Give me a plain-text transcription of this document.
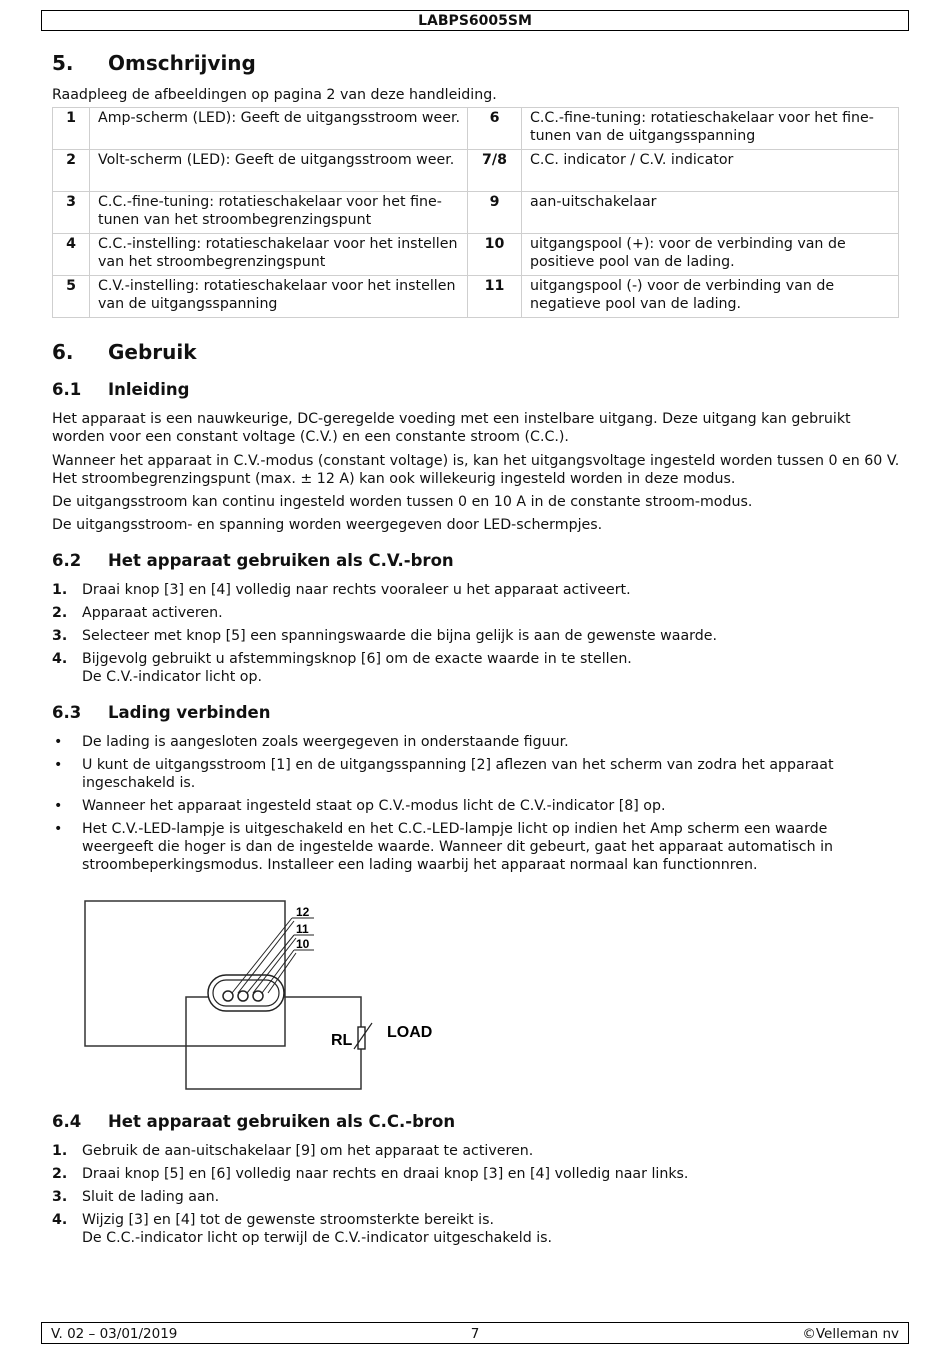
LABPS6005SM
5. Omschrijving
Raadpleeg de afbeeldingen op pagina 2 van deze handleiding.
1	Amp-scherm (LED): Geeft de uitgangsstroom weer.	6	C.C.-fine-tuning: rotatieschakelaar voor het fine-tunen van de uitgangsspanning
2	Volt-scherm (LED): Geeft de uitgangsstroom weer.	7/8	C.C. indicator / C.V. indicator
3	C.C.-fine-tuning: rotatieschakelaar voor het fine-tunen van het stroombegrenzingspunt	9	aan-uitschakelaar
4	C.C.-instelling: rotatieschakelaar voor het instellen van het stroombegrenzingspunt	10	uitgangspool (+): voor de verbinding van de positieve pool van de lading.
5	C.V.-instelling: rotatieschakelaar voor het instellen van de uitgangsspanning	11	uitgangspool (-) voor de verbinding van de negatieve pool van de lading.
6. Gebruik
6.1 Inleiding
Het apparaat is een nauwkeurige, DC-geregelde voeding met een instelbare uitgang. Deze uitgang kan gebruikt worden voor een constant voltage (C.V.) en een constante stroom (C.C.).
Wanneer het apparaat in C.V.-modus (constant voltage) is, kan het uitgangsvoltage ingesteld worden tussen 0 en 60 V. Het stroombegrenzingspunt (max. ± 12 A) kan ook willekeurig ingesteld worden in deze modus.
De uitgangsstroom kan continu ingesteld worden tussen 0 en 10 A in de constante stroom-modus.
De uitgangsstroom- en spanning worden weergegeven door LED-schermpjes.
6.2 Het apparaat gebruiken als C.V.-bron
1. Draai knop [3] en [4] volledig naar rechts vooraleer u het apparaat activeert.
2. Apparaat activeren.
3. Selecteer met knop [5] een spanningswaarde die bijna gelijk is aan de gewenste waarde.
4. Bijgevolg gebruikt u afstemmingsknop [6] om de exacte waarde in te stellen.
De C.V.-indicator licht op.
6.3 Lading verbinden
• De lading is aangesloten zoals weergegeven in onderstaande figuur.
• U kunt de uitgangsstroom [1] en de uitgangsspanning [2] aflezen van het scherm van zodra het apparaat ingeschakeld is.
• Wanneer het apparaat ingesteld staat op C.V.-modus licht de C.V.-indicator [8] op.
• Het C.V.-LED-lampje is uitgeschakeld en het C.C.-LED-lampje licht op indien het Amp scherm een waarde weergeeft die hoger is dan de ingestelde waarde. Wanneer dit gebeurt, gaat het apparaat automatisch in stroombeperkingsmodus. Installeer een lading waarbij het apparaat normaal kan functionnren.
12
11
10
RL LOAD
6.4 Het apparaat gebruiken als C.C.-bron
1. Gebruik de aan-uitschakelaar [9] om het apparaat te activeren.
2. Draai knop [5] en [6] volledig naar rechts en draai knop [3] en [4] volledig naar links.
3. Sluit de lading aan.
4. Wijzig [3] en [4] tot de gewenste stroomsterkte bereikt is.
De C.C.-indicator licht op terwijl de C.V.-indicator uitgeschakeld is.
V. 02 – 03/01/2019	7	©Velleman nv
